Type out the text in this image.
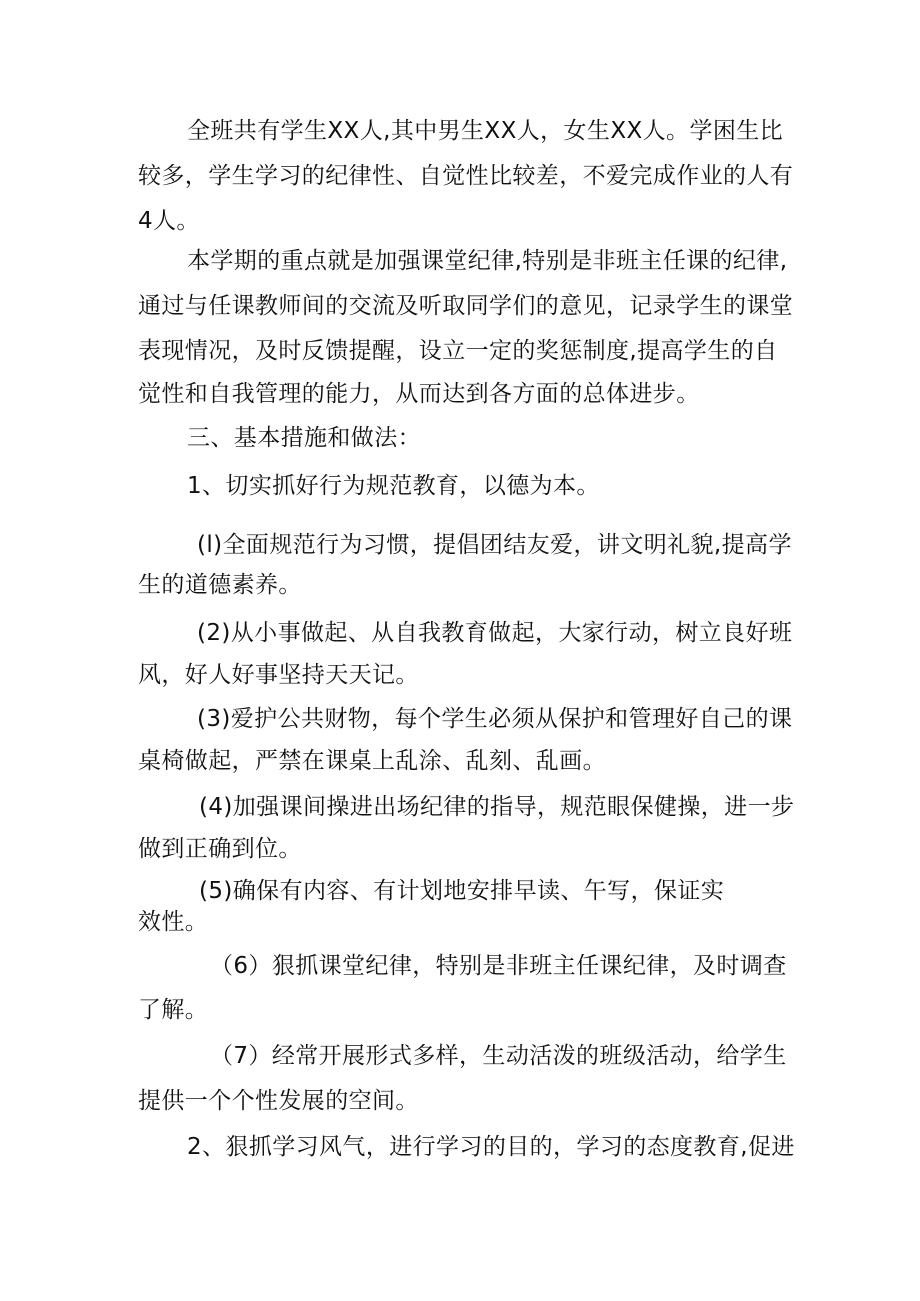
全班共有学生XX人,其中男生XX人，女生XX人。学困生比
较多，学生学习的纪律性、自觉性比较差，不爱完成作业的人有
4人。
本学期的重点就是加强课堂纪律,特别是非班主任课的纪律,
通过与任课教师间的交流及听取同学们的意见，记录学生的课堂
表现情况，及时反馈提醒，设立一定的奖惩制度,提高学生的自
觉性和自我管理的能力，从而达到各方面的总体进步。
三、基本措施和做法：
1、切实抓好行为规范教育，以德为本。
(l)全面规范行为习惯，提倡团结友爱，讲文明礼貌,提高学
生的道德素养。
(2)从小事做起、从自我教育做起，大家行动，树立良好班
风，好人好事坚持天天记。
(3)爱护公共财物，每个学生必须从保护和管理好自己的课
桌椅做起，严禁在课桌上乱涂、乱刻、乱画。
(4)加强课间操进出场纪律的指导，规范眼保健操，进一步
做到正确到位。
(5)确保有内容、有计划地安排早读、午写，保证实
效性。
（6）狠抓课堂纪律，特别是非班主任课纪律，及时调查
了解。
（7）经常开展形式多样，生动活泼的班级活动，给学生
提供一个个性发展的空间。
2、狠抓学习风气，进行学习的目的，学习的态度教育,促进
